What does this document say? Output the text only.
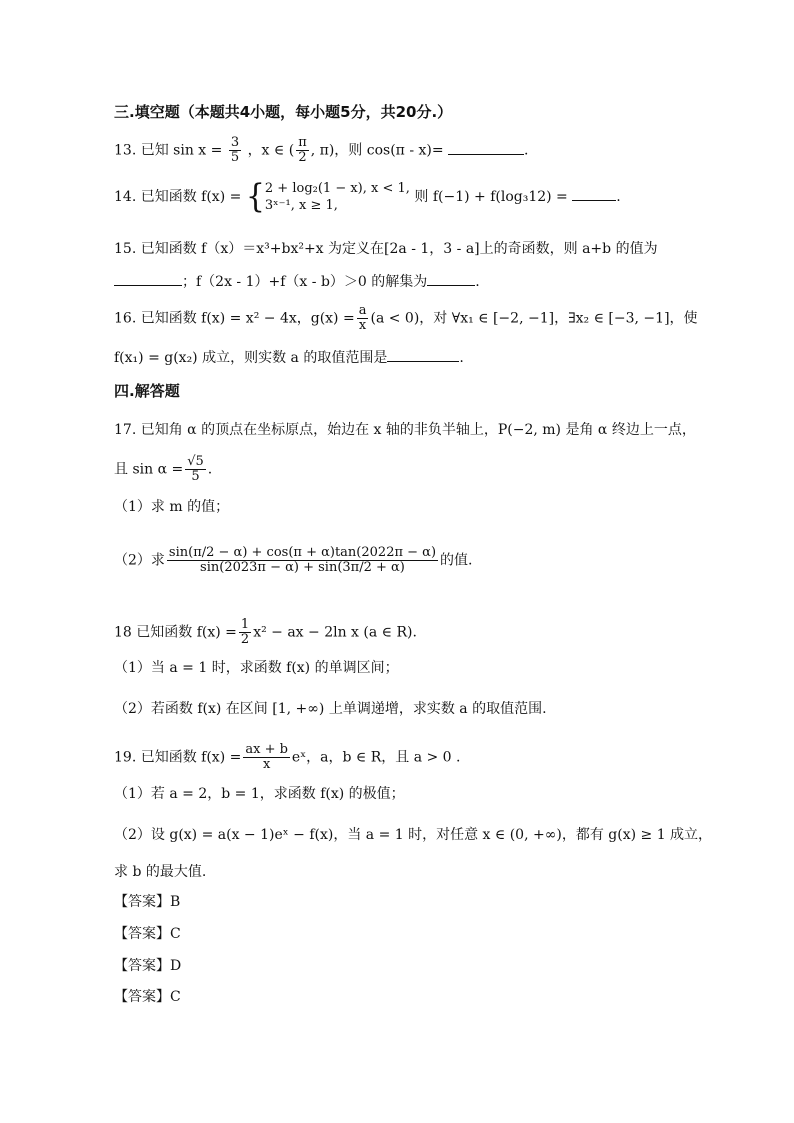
三.填空题（本题共4小题，每小题5分，共20分.）
13. 已知 $\sin x = \frac{3}{5}$ ，x ∈ ( $\frac{\pi}{2}$ , π)，则 cos(π - x)=	.
14. 已知函数 f(x) = { 2 + log₂(1 − x), x < 1,
3ˣ⁻¹, x ≥ 1,
则 f(−1) + f(log₃12) =	.
15. 已知函数 f（x）＝x³+bx²+x 为定义在[2a - 1，3 - a]上的奇函数，则 a+b 的值为
；f（2x - 1）+f（x - b）＞0 的解集为	.
16. 已知函数 f(x) = x² − 4x，$g(x) = \frac{a}{x} (a < 0)$，对 ∀x₁ ∈ [−2, −1]，∃x₂ ∈ [−3, −1]，使
f(x₁) = g(x₂) 成立，则实数 a 的取值范围是	.
四.解答题
17. 已知角 α 的顶点在坐标原点，始边在 x 轴的非负半轴上，P(−2, m) 是角 α 终边上一点，
且 $\sin \alpha = \frac{√5}{5}$ .
（1）求 m 的值；
（2）求 $\frac{\sin(\pi/2 - \alpha) + \cos(\pi + \alpha)\tan(2022\pi - \alpha)}{\sin(2023\pi - \alpha) + \sin(3\pi/2 + \alpha)}$ 的值.
18 已知函数 $f(x) = \frac{1}{2} x^2$ − ax − 2ln x (a ∈ R).
（1）当 a = 1 时，求函数 f(x) 的单调区间；
（2）若函数 f(x) 在区间 [1, +∞) 上单调递增，求实数 a 的取值范围.
19. 已知函数 $f(x) = \frac{ax + b}{x}$ eˣ，a，b ∈ R，且 a > 0 .
（1）若 a = 2，b = 1，求函数 f(x) 的极值；
（2）设 g(x) = a(x − 1)eˣ − f(x)，当 a = 1 时，对任意 x ∈ (0, +∞)，都有 g(x) ≥ 1 成立，
求 b 的最大值.
【答案】B
【答案】C
【答案】D
【答案】C
